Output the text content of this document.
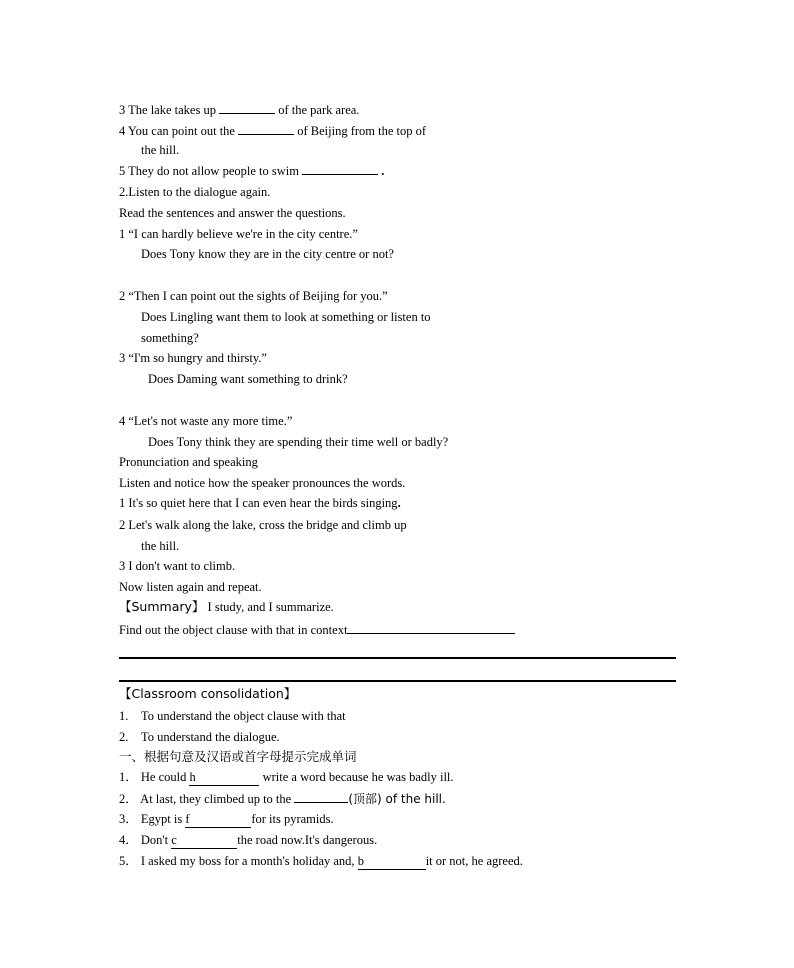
3 The lake takes up	of the park area.
4 You can point out the	of Beijing from the top of
the hill.
5 They do not allow people to swim	.
2.Listen to the dialogue again.
Read the sentences and answer the questions.
1 “I can hardly believe we're in the city centre.”
Does Tony know they are in the city centre or not?
2 “Then I can point out the sights of Beijing for you.”
Does Lingling want them to look at something or listen to
something?
3 “I'm so hungry and thirsty.”
Does Daming want something to drink?
4 “Let's not waste any more time.”
Does Tony think they are spending their time well or badly?
Pronunciation and speaking
Listen and notice how the speaker pronounces the words.
1 It's so quiet here that I can even hear the birds singing.
2 Let's walk along the lake, cross the bridge and climb up
the hill.
3 I don't want to climb.
Now listen again and repeat.
【Summary】 I study, and I summarize.
Find out the object clause with that in context
【Classroom consolidation】
1. To understand the object clause with that
2. To understand the dialogue.
一、根据句意及汉语或首字母提示完成单词
1． He could h	write a word because he was badly ill.
2． At last, they climbed up to the	(顶部) of the hill.
3． Egypt is f	for its pyramids.
4． Don't c	the road now.It's dangerous.
5． I asked my boss for a month's holiday and, b	it or not, he agreed.
